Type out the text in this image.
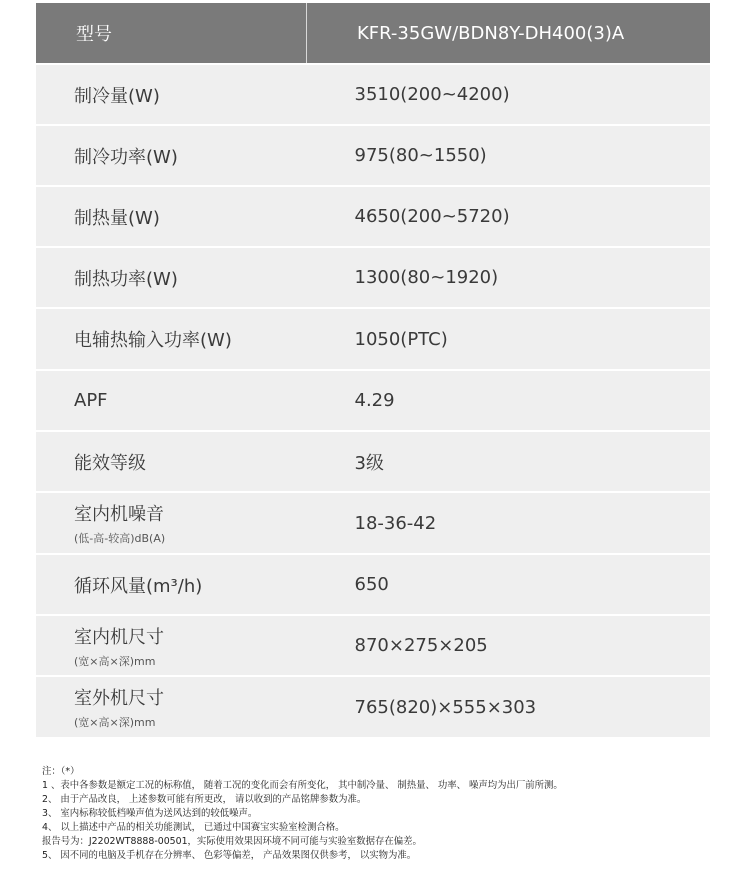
型号	KFR-35GW/BDN8Y-DH400(3)A
制冷量(W)	3510(200~4200)
制冷功率(W)	975(80~1550)
制热量(W)	4650(200~5720)
制热功率(W)	1300(80~1920)
电辅热输入功率(W)	1050(PTC)
APF	4.29
能效等级	3级
室内机噪音
(低-高-较高)dB(A)	18-36-42
循环风量(m³/h)	650
室内机尺寸
(宽×高×深)mm	870×275×205
室外机尺寸
(宽×高×深)mm	765(820)×555×303
注：（*）
1 、表中各参数是额定工况的标称值， 随着工况的变化而会有所变化， 其中制冷量、 制热量、 功率、 噪声均为出厂前所测。
2、 由于产品改良， 上述参数可能有所更改， 请以收到的产品铭牌参数为准。
3、 室内标称较低档噪声值为送风达到的较低噪声。
4、 以上描述中产品的相关功能测试， 已通过中国赛宝实验室检测合格。
报告号为：J2202WT8888-00501，实际使用效果因环境不同可能与实验室数据存在偏差。
5、 因不同的电脑及手机存在分辨率、 色彩等偏差， 产品效果图仅供参考， 以实物为准。
